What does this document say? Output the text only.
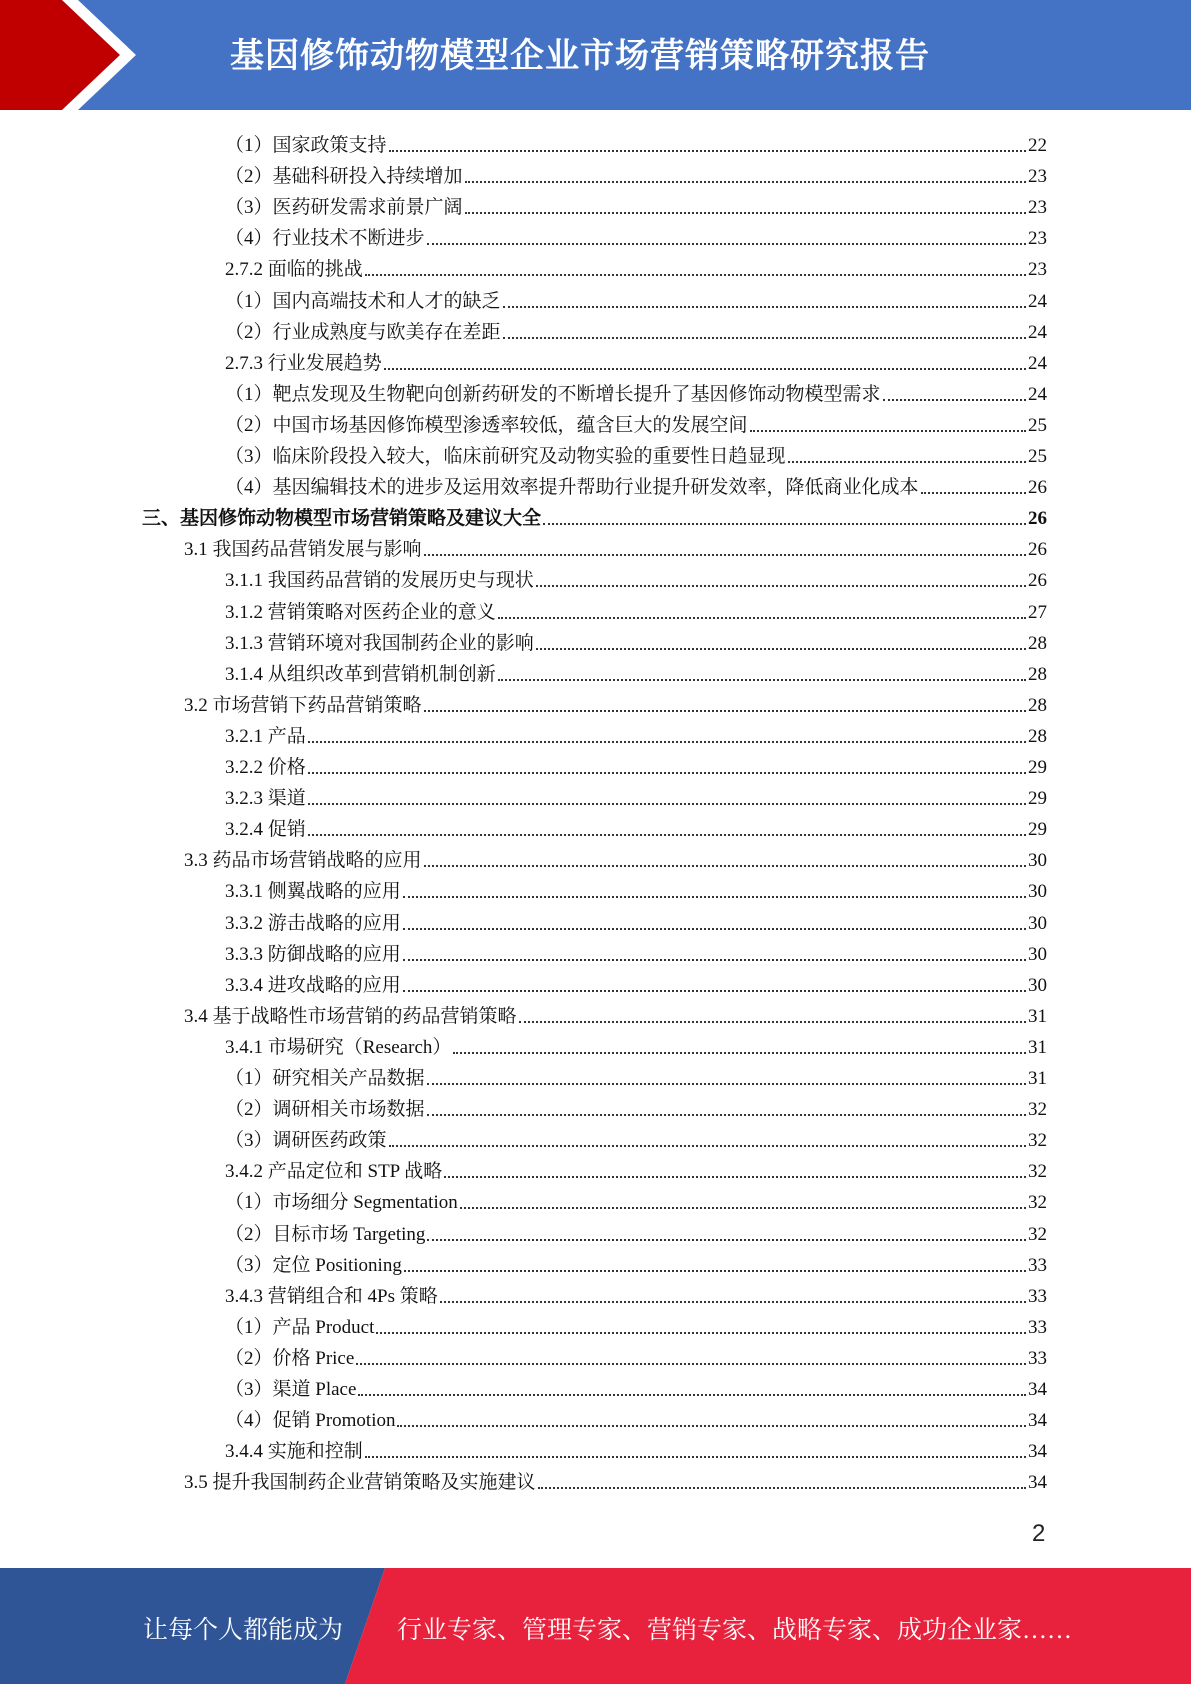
基因修饰动物模型企业市场营销策略研究报告
（1）国家政策支持	22
（2）基础科研投入持续增加	23
（3）医药研发需求前景广阔	23
（4）行业技术不断进步	23
2.7.2 面临的挑战	23
（1）国内高端技术和人才的缺乏	24
（2）行业成熟度与欧美存在差距	24
2.7.3 行业发展趋势	24
（1）靶点发现及生物靶向创新药研发的不断增长提升了基因修饰动物模型需求	24
（2）中国市场基因修饰模型渗透率较低，蕴含巨大的发展空间	25
（3）临床阶段投入较大，临床前研究及动物实验的重要性日趋显现	25
（4）基因编辑技术的进步及运用效率提升帮助行业提升研发效率，降低商业化成本	26
三、基因修饰动物模型市场营销策略及建议大全	26
3.1 我国药品营销发展与影响	26
3.1.1 我国药品营销的发展历史与现状	26
3.1.2 营销策略对医药企业的意义	27
3.1.3 营销环境对我国制药企业的影响	28
3.1.4 从组织改革到营销机制创新	28
3.2 市场营销下药品营销策略	28
3.2.1 产品	28
3.2.2 价格	29
3.2.3 渠道	29
3.2.4 促销	29
3.3 药品市场营销战略的应用	30
3.3.1 侧翼战略的应用	30
3.3.2 游击战略的应用	30
3.3.3 防御战略的应用	30
3.3.4 进攻战略的应用	30
3.4 基于战略性市场营销的药品营销策略	31
3.4.1 市場研究（Research）	31
（1）研究相关产品数据	31
（2）调研相关市场数据	32
（3）调研医药政策	32
3.4.2 产品定位和 STP 战略	32
（1）市场细分 Segmentation	32
（2）目标市场 Targeting	32
（3）定位 Positioning	33
3.4.3 营销组合和 4Ps 策略	33
（1）产品 Product	33
（2）价格 Price	33
（3）渠道 Place	34
（4）促销 Promotion	34
3.4.4 实施和控制	34
3.5 提升我国制药企业营销策略及实施建议	34
2
让每个人都能成为 行业专家、管理专家、营销专家、战略专家、成功企业家……
